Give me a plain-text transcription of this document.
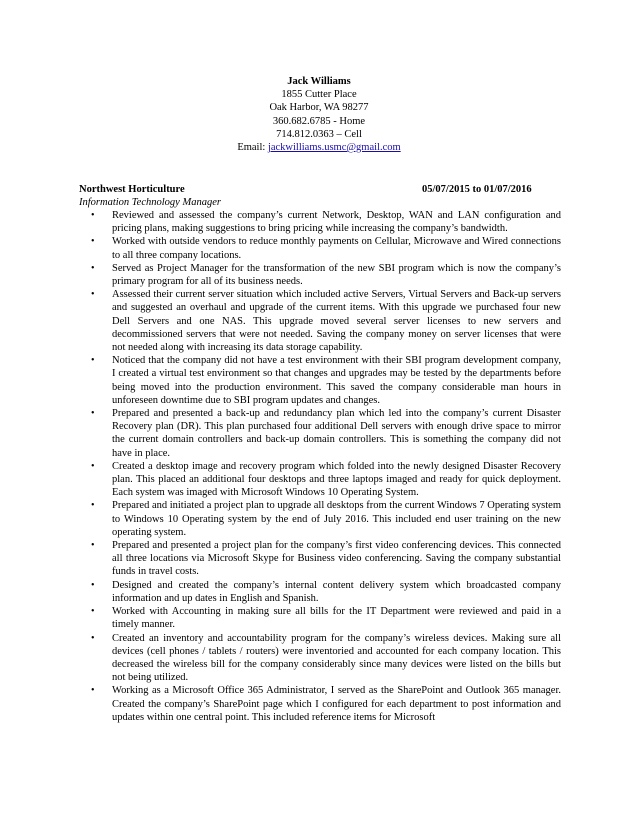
Jack Williams
1855 Cutter Place
Oak Harbor, WA 98277
360.682.6785 - Home
714.812.0363 – Cell
Email: jackwilliams.usmc@gmail.com
Northwest Horticulture	05/07/2015 to 01/07/2016
Information Technology Manager
• Reviewed and assessed the company’s current Network, Desktop, WAN and LAN configuration and pricing plans, making suggestions to bring pricing while increasing the company’s bandwidth.
• Worked with outside vendors to reduce monthly payments on Cellular, Microwave and Wired connections to all three company locations.
• Served as Project Manager for the transformation of the new SBI program which is now the company’s primary program for all of its business needs.
• Assessed their current server situation which included active Servers, Virtual Servers and Back-up servers and suggested an overhaul and upgrade of the current items. With this upgrade we purchased four new Dell Servers and one NAS. This upgrade moved several server licenses to new servers and decommissioned servers that were not needed. Saving the company money on server licenses that were not needed along with increasing its data storage capability.
• Noticed that the company did not have a test environment with their SBI program development company, I created a virtual test environment so that changes and upgrades may be tested by the departments before being moved into the production environment. This saved the company considerable man hours in unforeseen downtime due to SBI program updates and changes.
• Prepared and presented a back-up and redundancy plan which led into the company’s current Disaster Recovery plan (DR). This plan purchased four additional Dell servers with enough drive space to mirror the current domain controllers and back-up domain controllers. This is something the company did not have in place.
• Created a desktop image and recovery program which folded into the newly designed Disaster Recovery plan. This placed an additional four desktops and three laptops imaged and ready for quick deployment. Each system was imaged with Microsoft Windows 10 Operating System.
• Prepared and initiated a project plan to upgrade all desktops from the current Windows 7 Operating system to Windows 10 Operating system by the end of July 2016. This included end user training on the new operating system.
• Prepared and presented a project plan for the company’s first video conferencing devices. This connected all three locations via Microsoft Skype for Business video conferencing. Saving the company substantial funds in travel costs.
• Designed and created the company’s internal content delivery system which broadcasted company information and up dates in English and Spanish.
• Worked with Accounting in making sure all bills for the IT Department were reviewed and paid in a timely manner.
• Created an inventory and accountability program for the company’s wireless devices. Making sure all devices (cell phones / tablets / routers) were inventoried and accounted for each company location. This decreased the wireless bill for the company considerably since many devices were listed on the bills but not being utilized.
• Working as a Microsoft Office 365 Administrator, I served as the SharePoint and Outlook 365 manager. Created the company’s SharePoint page which I configured for each department to post information and updates within one central point. This included reference items for Microsoft
